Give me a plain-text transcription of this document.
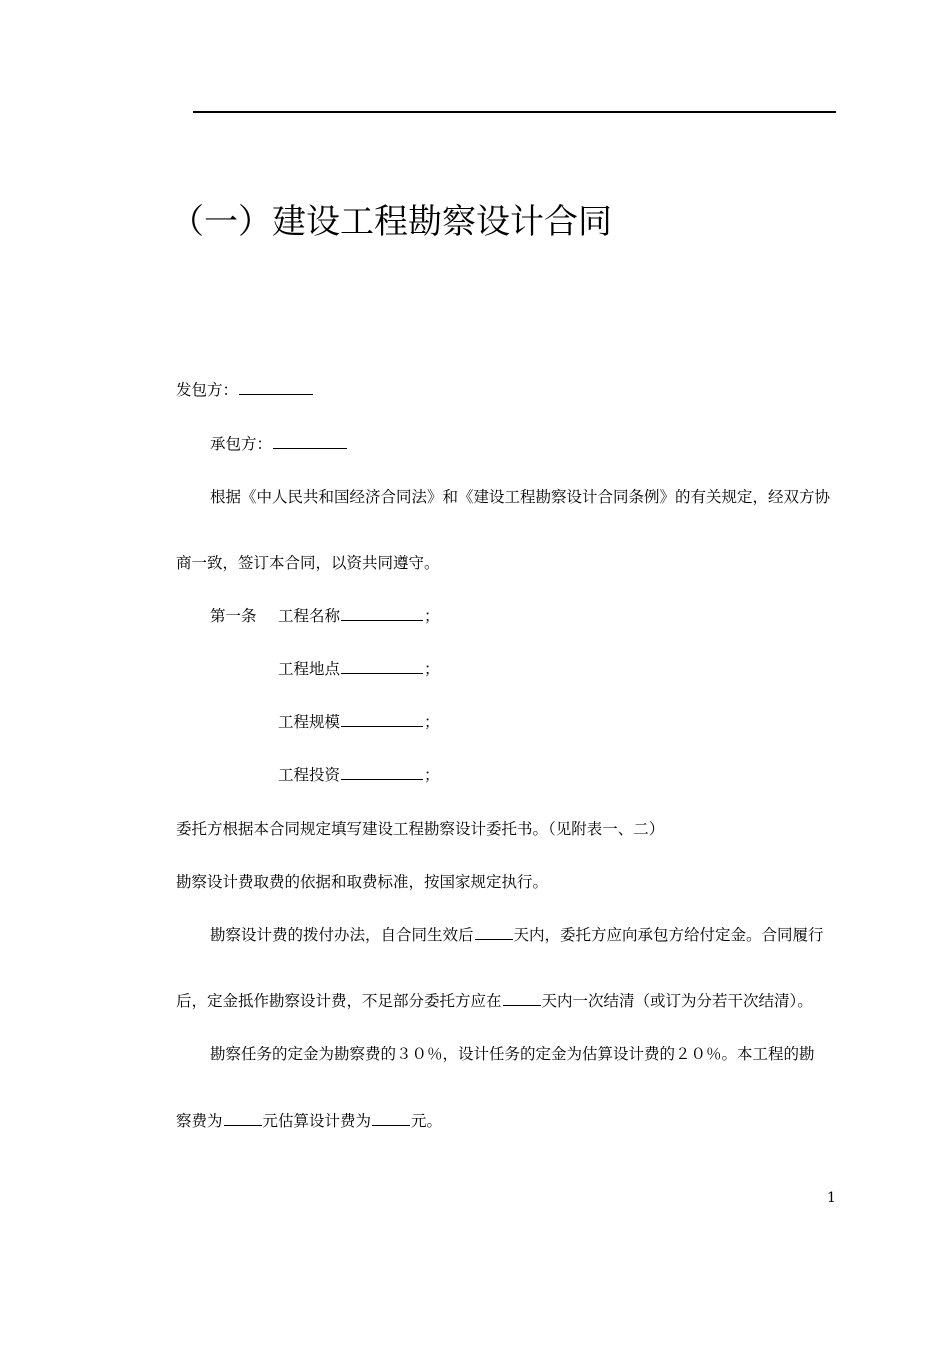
（一）建设工程勘察设计合同
发包方：
承包方：
根据《中人民共和国经济合同法》和《建设工程勘察设计合同条例》的有关规定，经双方协
商一致，签订本合同，以资共同遵守。
第一条 工程名称	；
工程地点	；
工程规模	；
工程投资	；
委托方根据本合同规定填写建设工程勘察设计委托书。（见附表一、二）
勘察设计费取费的依据和取费标准，按国家规定执行。
勘察设计费的拨付办法，自合同生效后	天内，委托方应向承包方给付定金。合同履行
后，定金抵作勘察设计费，不足部分委托方应在	天内一次结清（或订为分若干次结清）。
勘察任务的定金为勘察费的３０％，设计任务的定金为估算设计费的２０％。本工程的勘
察费为	元估算设计费为	元。
1
